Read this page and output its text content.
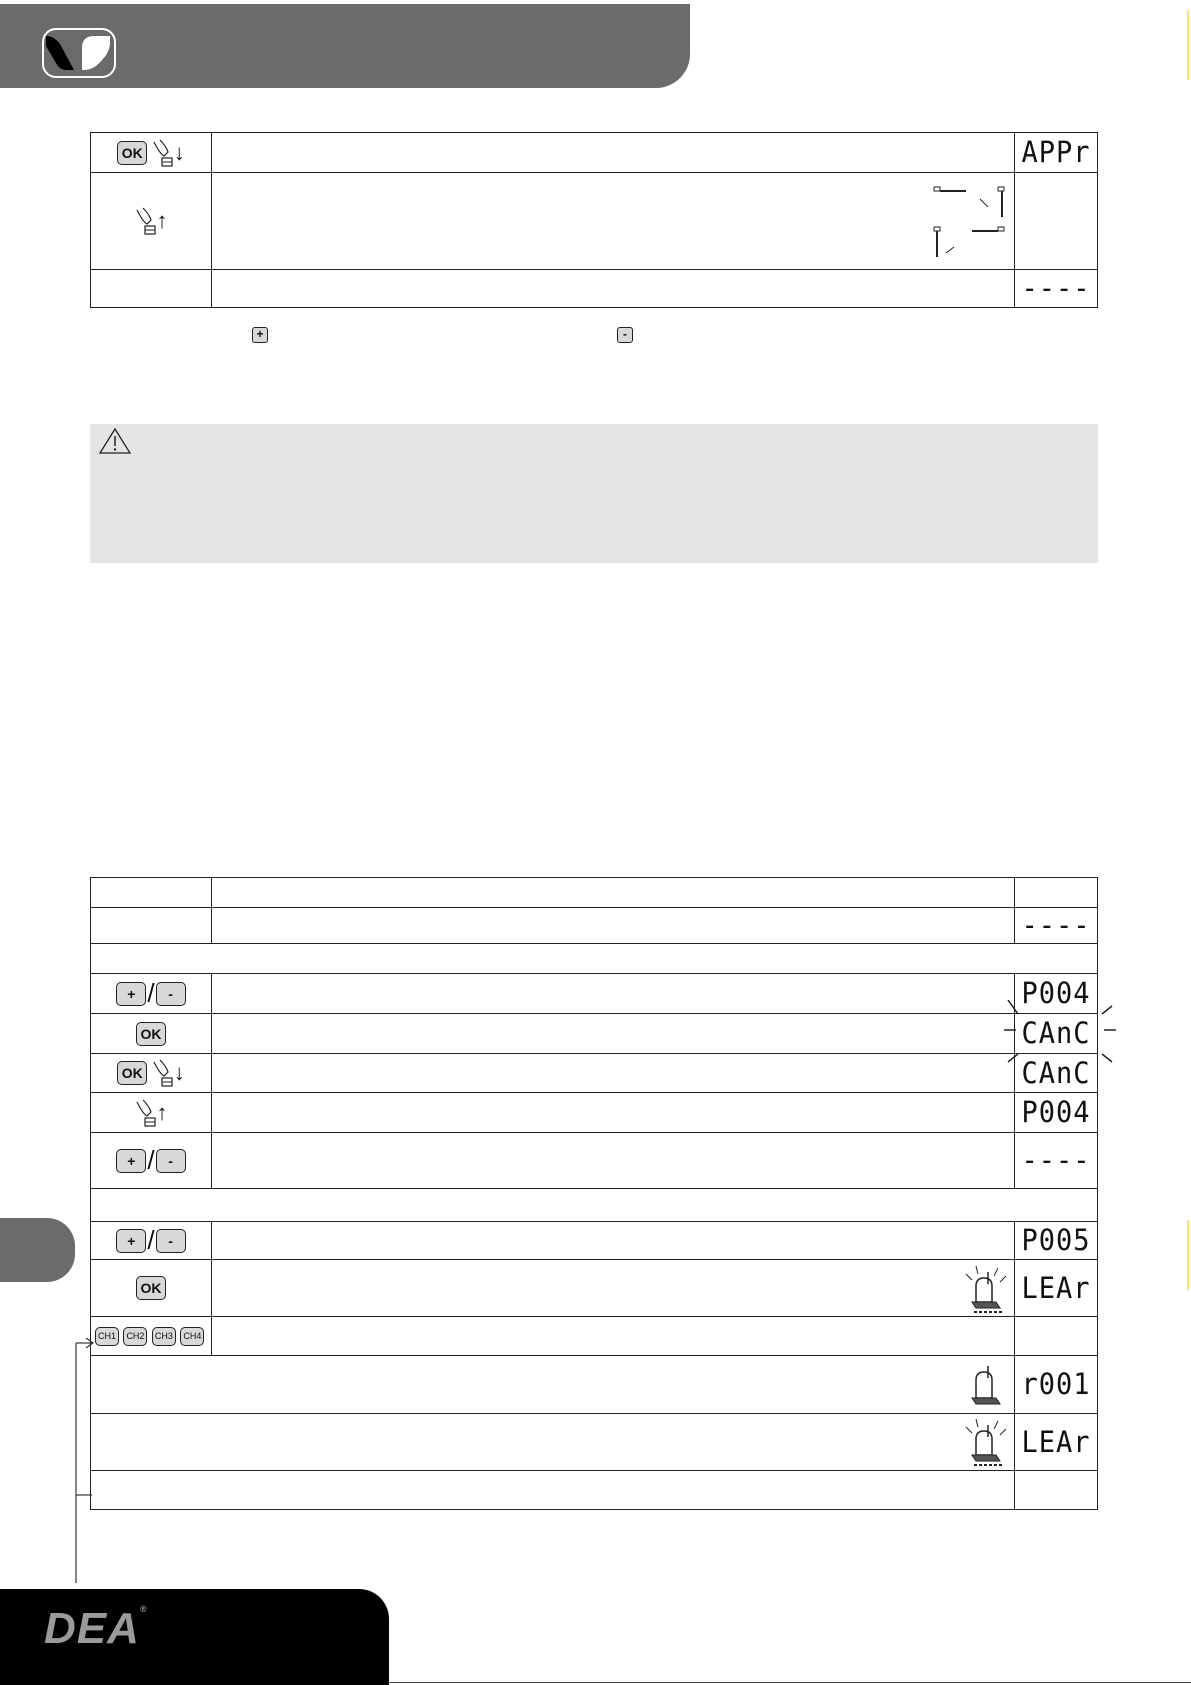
OK ↓		APPr
↑	

		----
+	-

		----

+ / -		P004
OK		CAnC
OK ↓		CAnC
↑		P004
+ / -		----

+ / -		P005
OK		LEAr
CH1 CH2 CH3 CH4		

	r001

	LEAr

DEA®
